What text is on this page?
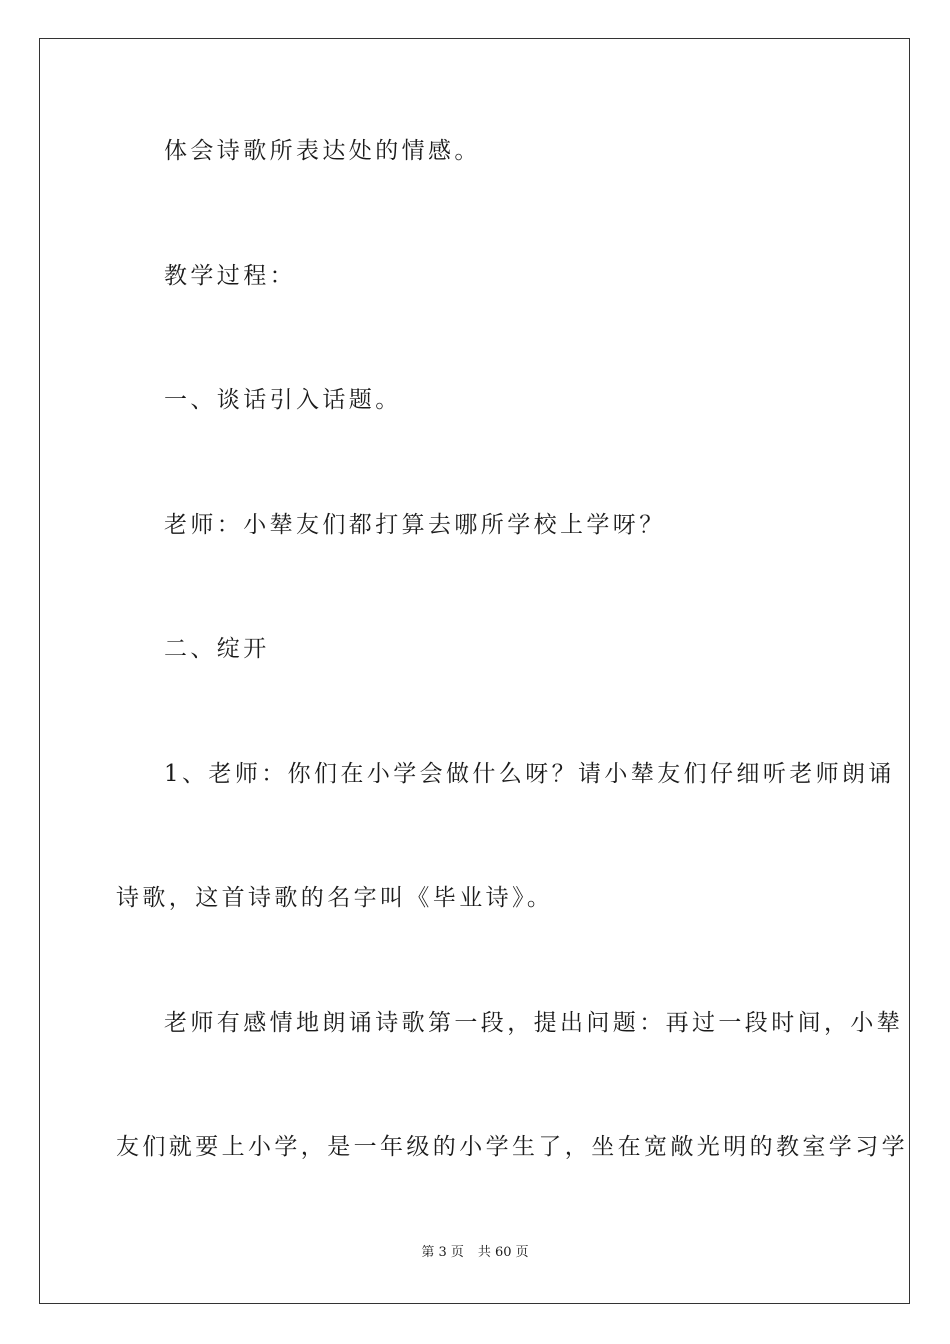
体会诗歌所表达处的情感。
教学过程：
一、谈话引入话题。
老师：小辇友们都打算去哪所学校上学呀？
二、绽开
1、老师：你们在小学会做什么呀？请小辇友们仔细听老师朗诵
诗歌，这首诗歌的名字叫《毕业诗》。
老师有感情地朗诵诗歌第一段，提出问题：再过一段时间，小辇
友们就要上小学，是一年级的小学生了，坐在宽敞光明的教室学习学
第 3 页 共 60 页
